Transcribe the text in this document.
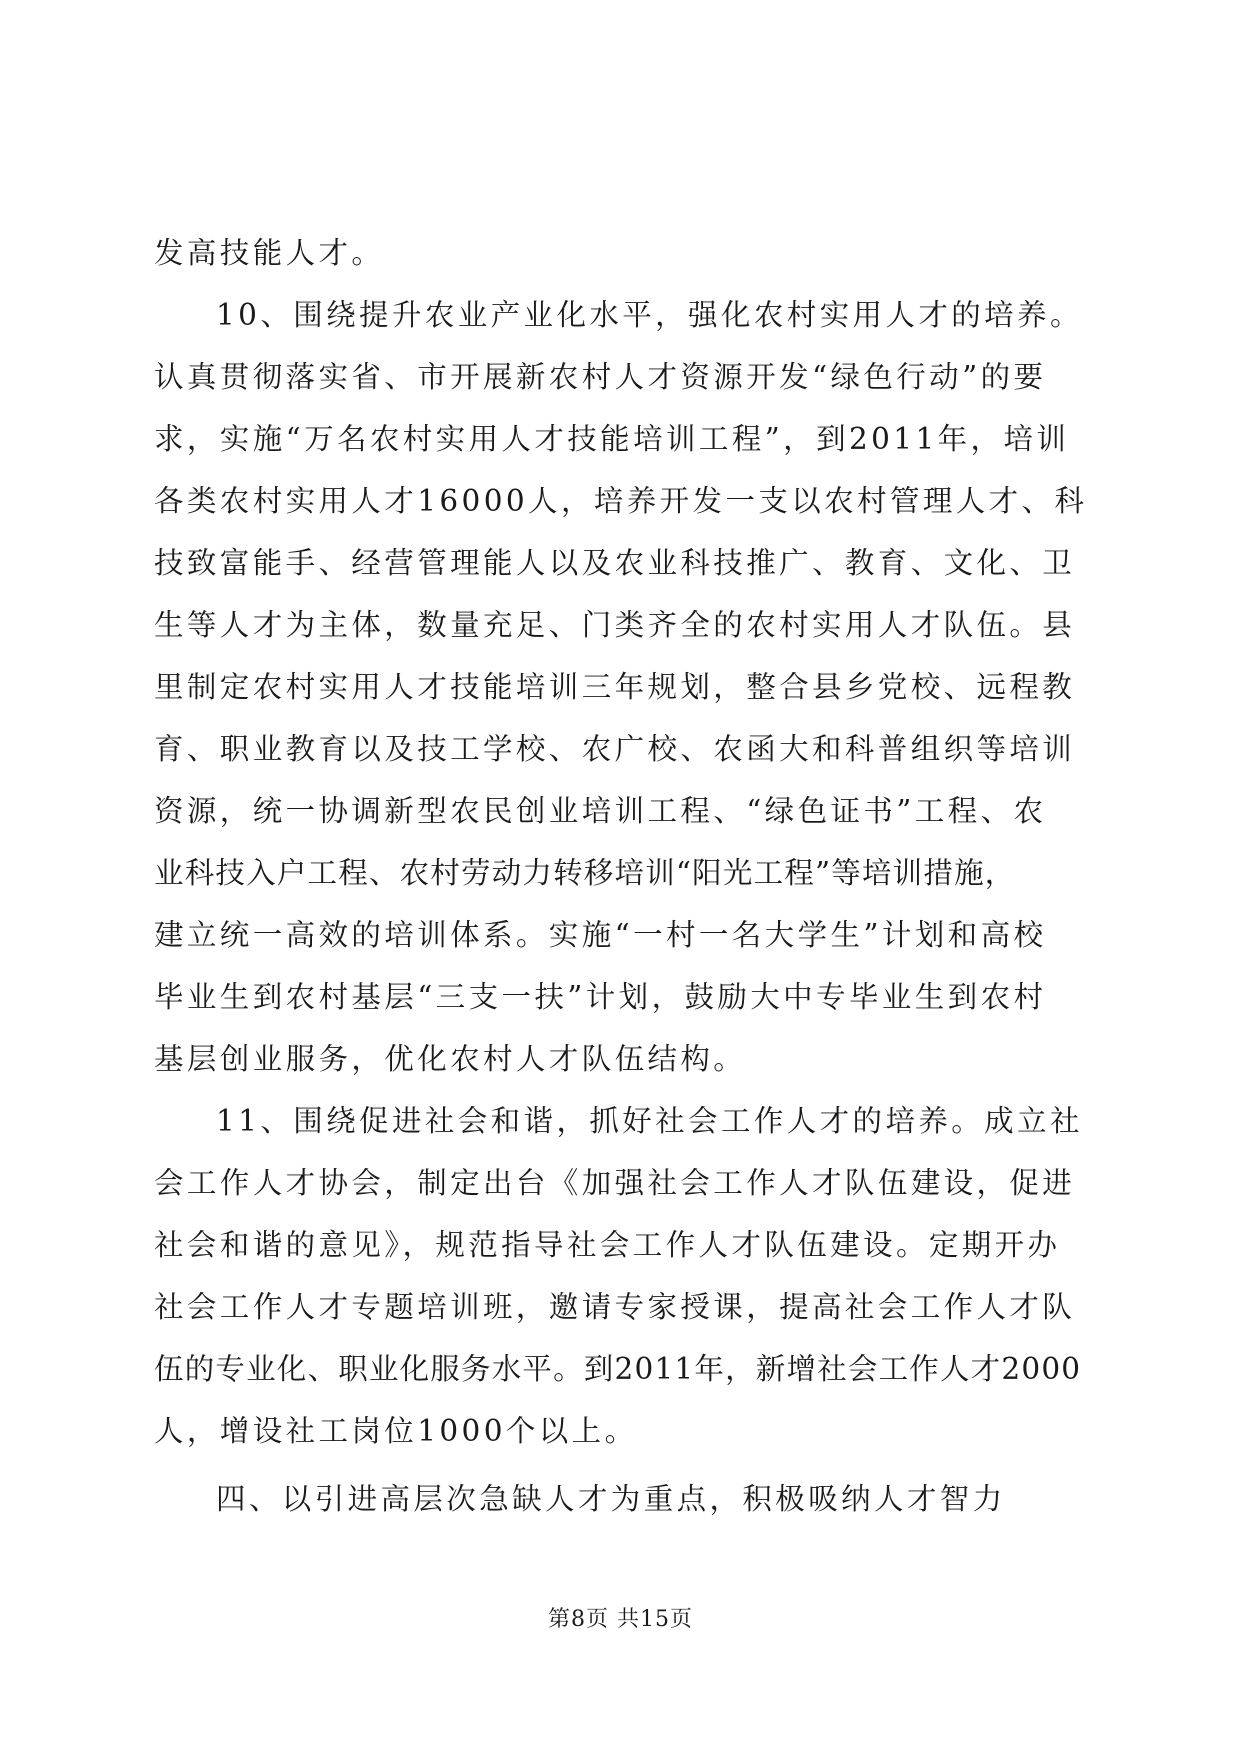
发高技能人才。

10、围绕提升农业产业化水平，强化农村实用人才的培养。
认真贯彻落实省、市开展新农村人才资源开发“绿色行动”的要
求，实施“万名农村实用人才技能培训工程”，到2011年，培训
各类农村实用人才16000人，培养开发一支以农村管理人才、科
技致富能手、经营管理能人以及农业科技推广、教育、文化、卫
生等人才为主体，数量充足、门类齐全的农村实用人才队伍。县
里制定农村实用人才技能培训三年规划，整合县乡党校、远程教
育、职业教育以及技工学校、农广校、农函大和科普组织等培训
资源，统一协调新型农民创业培训工程、“绿色证书”工程、农
业科技入户工程、农村劳动力转移培训“阳光工程”等培训措施，
建立统一高效的培训体系。实施“一村一名大学生”计划和高校
毕业生到农村基层“三支一扶”计划，鼓励大中专毕业生到农村
基层创业服务，优化农村人才队伍结构。

11、围绕促进社会和谐，抓好社会工作人才的培养。成立社
会工作人才协会，制定出台《加强社会工作人才队伍建设，促进
社会和谐的意见》，规范指导社会工作人才队伍建设。定期开办
社会工作人才专题培训班，邀请专家授课，提高社会工作人才队
伍的专业化、职业化服务水平。到2011年，新增社会工作人才2000
人，增设社工岗位1000个以上。

四、以引进高层次急缺人才为重点，积极吸纳人才智力

第8页 共15页
